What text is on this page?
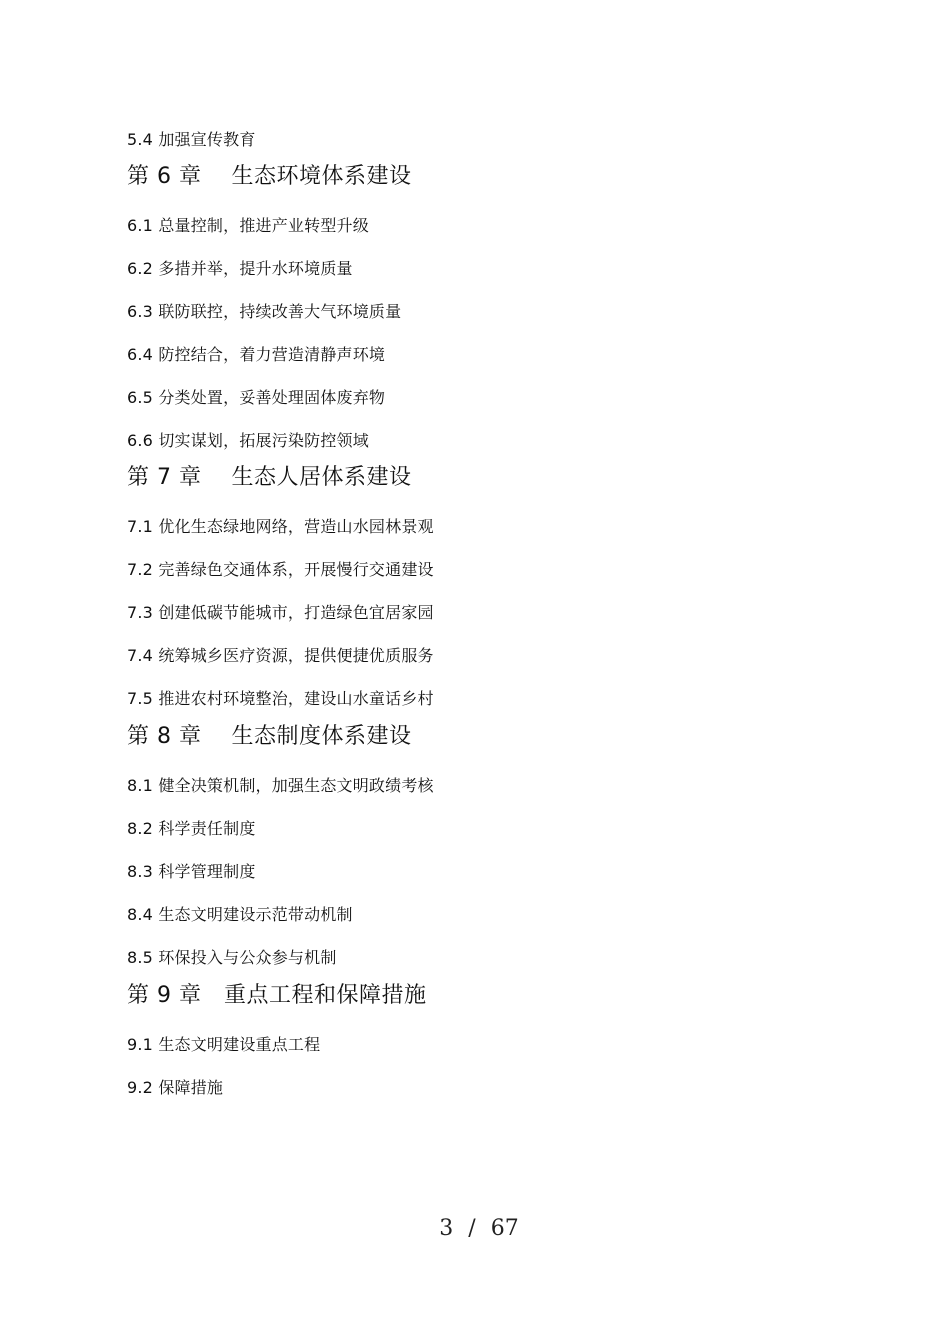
5.4 加强宣传教育
第 6 章　 生态环境体系建设
6.1 总量控制，推进产业转型升级
6.2 多措并举，提升水环境质量
6.3 联防联控，持续改善大气环境质量
6.4 防控结合，着力营造清静声环境
6.5 分类处置，妥善处理固体废弃物
6.6 切实谋划，拓展污染防控领域
第 7 章　 生态人居体系建设
7.1 优化生态绿地网络，营造山水园林景观
7.2 完善绿色交通体系，开展慢行交通建设
7.3 创建低碳节能城市，打造绿色宜居家园
7.4 统筹城乡医疗资源，提供便捷优质服务
7.5 推进农村环境整治，建设山水童话乡村
第 8 章　 生态制度体系建设
8.1 健全决策机制，加强生态文明政绩考核
8.2 科学责任制度
8.3 科学管理制度
8.4 生态文明建设示范带动机制
8.5 环保投入与公众参与机制
第 9 章　重点工程和保障措施
9.1 生态文明建设重点工程
9.2 保障措施
3 / 67
